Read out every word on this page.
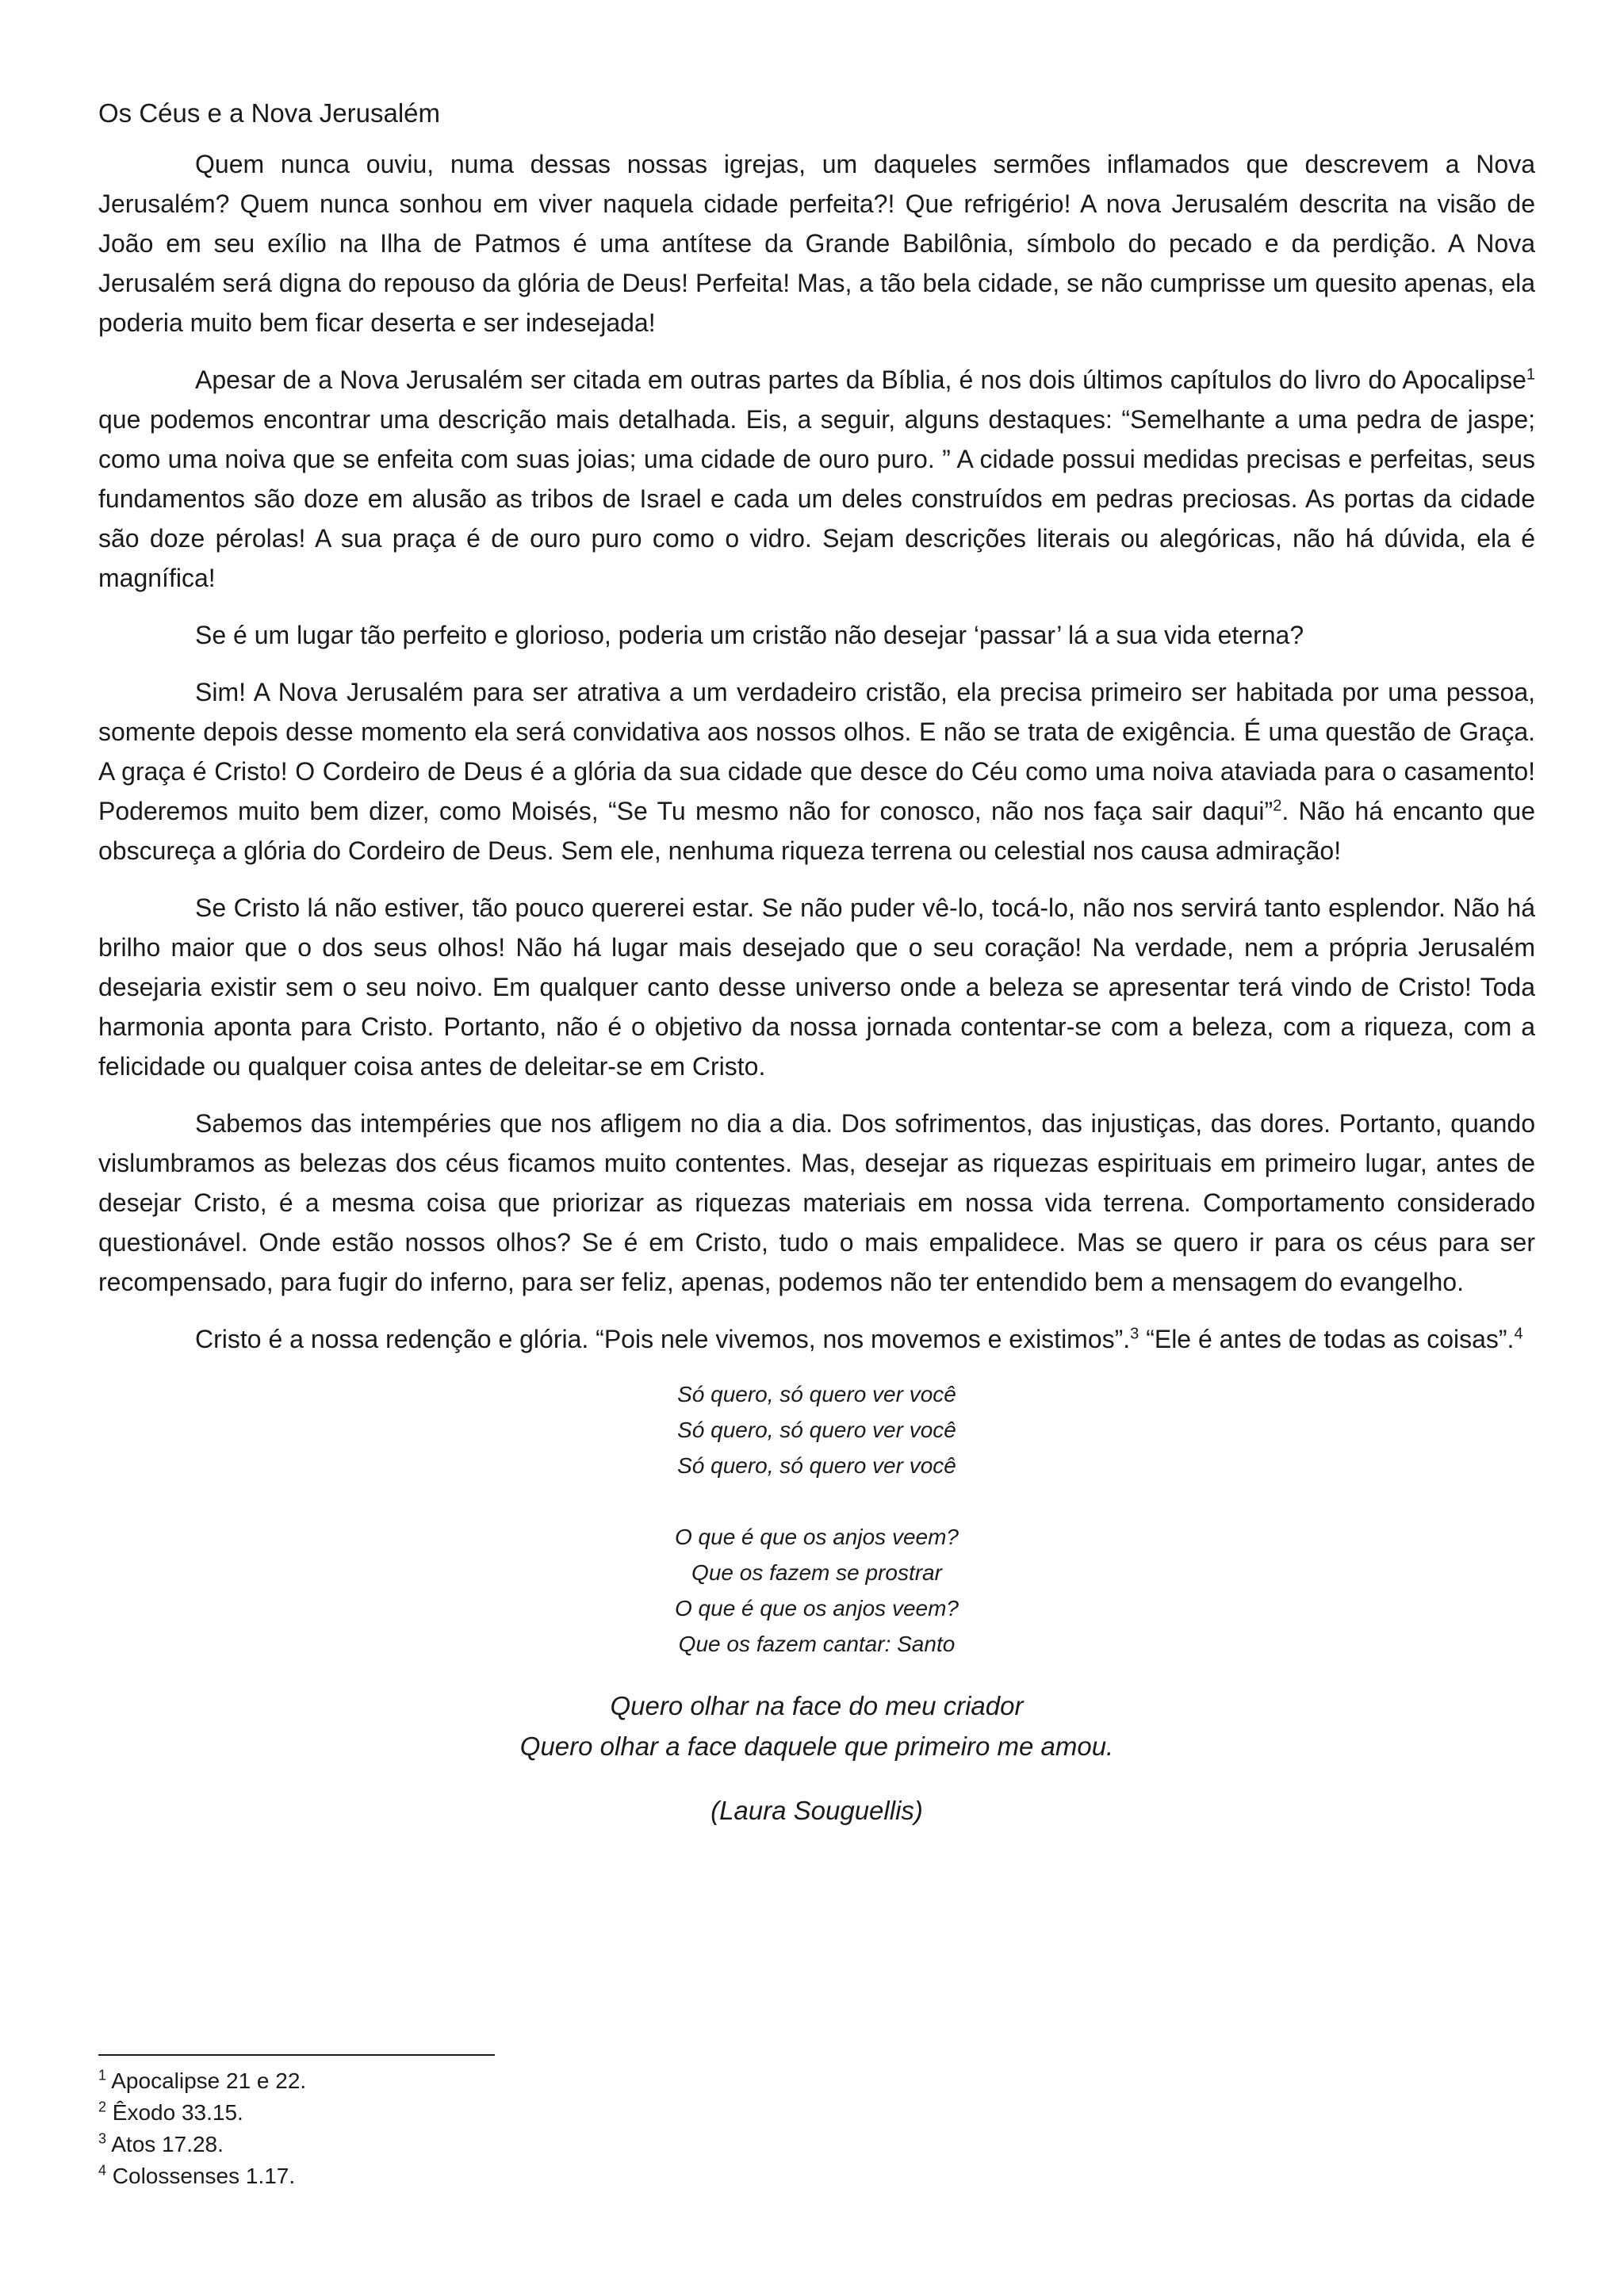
Os Céus e a Nova Jerusalém

Quem nunca ouviu, numa dessas nossas igrejas, um daqueles sermões inflamados que descrevem a Nova Jerusalém? Quem nunca sonhou em viver naquela cidade perfeita?! Que refrigério! A nova Jerusalém descrita na visão de João em seu exílio na Ilha de Patmos é uma antítese da Grande Babilônia, símbolo do pecado e da perdição. A Nova Jerusalém será digna do repouso da glória de Deus! Perfeita! Mas, a tão bela cidade, se não cumprisse um quesito apenas, ela poderia muito bem ficar deserta e ser indesejada!

Apesar de a Nova Jerusalém ser citada em outras partes da Bíblia, é nos dois últimos capítulos do livro do Apocalipse$^1$ que podemos encontrar uma descrição mais detalhada. Eis, a seguir, alguns destaques: “Semelhante a uma pedra de jaspe; como uma noiva que se enfeita com suas joias; uma cidade de ouro puro. ” A cidade possui medidas precisas e perfeitas, seus fundamentos são doze em alusão as tribos de Israel e cada um deles construídos em pedras preciosas. As portas da cidade são doze pérolas! A sua praça é de ouro puro como o vidro. Sejam descrições literais ou alegóricas, não há dúvida, ela é magnífica!

Se é um lugar tão perfeito e glorioso, poderia um cristão não desejar ‘passar’ lá a sua vida eterna?

Sim! A Nova Jerusalém para ser atrativa a um verdadeiro cristão, ela precisa primeiro ser habitada por uma pessoa, somente depois desse momento ela será convidativa aos nossos olhos. E não se trata de exigência. É uma questão de Graça. A graça é Cristo! O Cordeiro de Deus é a glória da sua cidade que desce do Céu como uma noiva ataviada para o casamento! Poderemos muito bem dizer, como Moisés, “Se Tu mesmo não for conosco, não nos faça sair daqui”$^2$. Não há encanto que obscureça a glória do Cordeiro de Deus. Sem ele, nenhuma riqueza terrena ou celestial nos causa admiração!

Se Cristo lá não estiver, tão pouco quererei estar. Se não puder vê-lo, tocá-lo, não nos servirá tanto esplendor. Não há brilho maior que o dos seus olhos! Não há lugar mais desejado que o seu coração! Na verdade, nem a própria Jerusalém desejaria existir sem o seu noivo. Em qualquer canto desse universo onde a beleza se apresentar terá vindo de Cristo! Toda harmonia aponta para Cristo. Portanto, não é o objetivo da nossa jornada contentar-se com a beleza, com a riqueza, com a felicidade ou qualquer coisa antes de deleitar-se em Cristo.

Sabemos das intempéries que nos afligem no dia a dia. Dos sofrimentos, das injustiças, das dores. Portanto, quando vislumbramos as belezas dos céus ficamos muito contentes. Mas, desejar as riquezas espirituais em primeiro lugar, antes de desejar Cristo, é a mesma coisa que priorizar as riquezas materiais em nossa vida terrena. Comportamento considerado questionável. Onde estão nossos olhos? Se é em Cristo, tudo o mais empalidece. Mas se quero ir para os céus para ser recompensado, para fugir do inferno, para ser feliz, apenas, podemos não ter entendido bem a mensagem do evangelho.

Cristo é a nossa redenção e glória. “Pois nele vivemos, nos movemos e existimos”.$^3$ “Ele é antes de todas as coisas”.$^4$

Só quero, só quero ver você

Só quero, só quero ver você

Só quero, só quero ver você

O que é que os anjos veem?

Que os fazem se prostrar

O que é que os anjos veem?

Que os fazem cantar: Santo

Quero olhar na face do meu criador

Quero olhar a face daquele que primeiro me amou.

(Laura Souguellis)

$^1$ Apocalipse 21 e 22.

$^2$ Êxodo 33.15.

$^3$ Atos 17.28.

$^4$ Colossenses 1.17.
